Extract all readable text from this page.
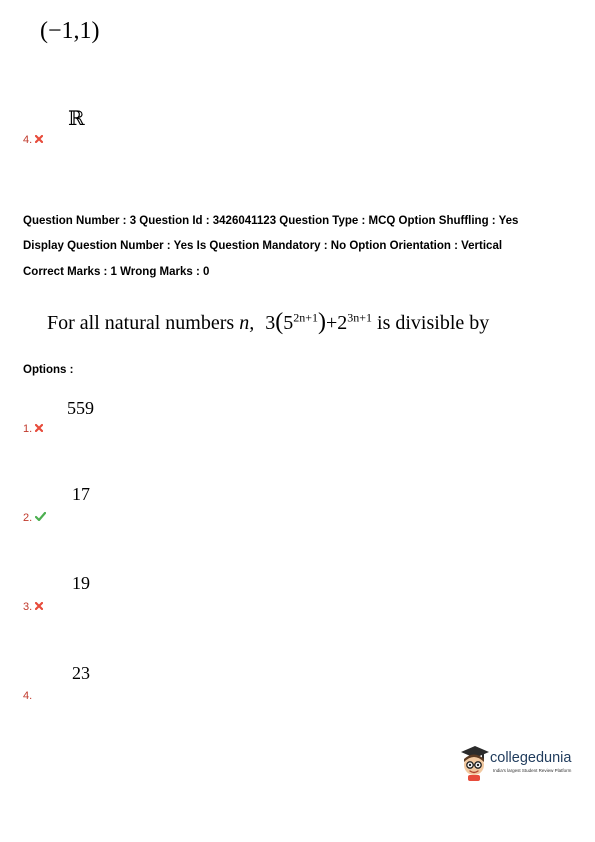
(−1,1)
ℝ
4.
Question Number : 3 Question Id : 3426041123 Question Type : MCQ Option Shuffling : Yes
Display Question Number : Yes Is Question Mandatory : No Option Orientation : Vertical
Correct Marks : 1 Wrong Marks : 0
For all natural numbers n, $3(5^{2n+1})+2^{3n+1}$ is divisible by
Options :
559
1.
17
2.
19
3.
23
4.
collegedunia
India's largest Student Review Platform
